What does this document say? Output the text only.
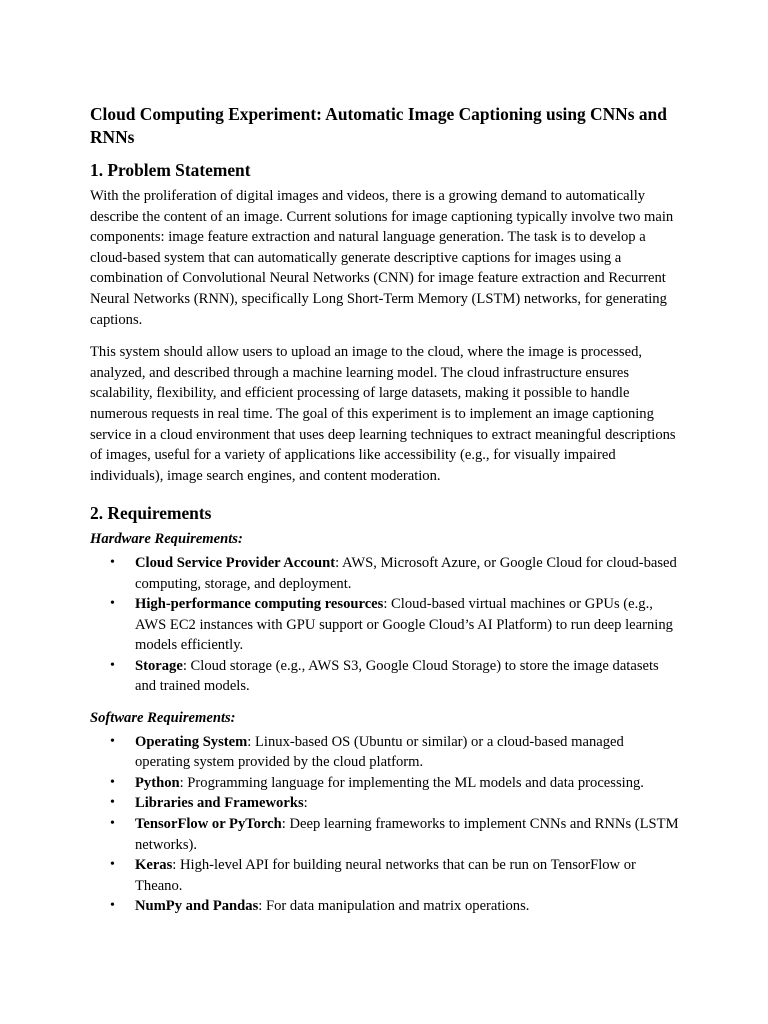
Cloud Computing Experiment: Automatic Image Captioning using CNNs and RNNs
1. Problem Statement

With the proliferation of digital images and videos, there is a growing demand to automatically describe the content of an image. Current solutions for image captioning typically involve two main components: image feature extraction and natural language generation. The task is to develop a cloud-based system that can automatically generate descriptive captions for images using a combination of Convolutional Neural Networks (CNN) for image feature extraction and Recurrent Neural Networks (RNN), specifically Long Short-Term Memory (LSTM) networks, for generating captions.

This system should allow users to upload an image to the cloud, where the image is processed, analyzed, and described through a machine learning model. The cloud infrastructure ensures scalability, flexibility, and efficient processing of large datasets, making it possible to handle numerous requests in real time. The goal of this experiment is to implement an image captioning service in a cloud environment that uses deep learning techniques to extract meaningful descriptions of images, useful for a variety of applications like accessibility (e.g., for visually impaired individuals), image search engines, and content moderation.

2. Requirements

Hardware Requirements:

• Cloud Service Provider Account: AWS, Microsoft Azure, or Google Cloud for cloud-based computing, storage, and deployment.
• High-performance computing resources: Cloud-based virtual machines or GPUs (e.g., AWS EC2 instances with GPU support or Google Cloud’s AI Platform) to run deep learning models efficiently.
• Storage: Cloud storage (e.g., AWS S3, Google Cloud Storage) to store the image datasets and trained models.

Software Requirements:

• Operating System: Linux-based OS (Ubuntu or similar) or a cloud-based managed operating system provided by the cloud platform.
• Python: Programming language for implementing the ML models and data processing.
• Libraries and Frameworks:
• TensorFlow or PyTorch: Deep learning frameworks to implement CNNs and RNNs (LSTM networks).
• Keras: High-level API for building neural networks that can be run on TensorFlow or Theano.
• NumPy and Pandas: For data manipulation and matrix operations.
